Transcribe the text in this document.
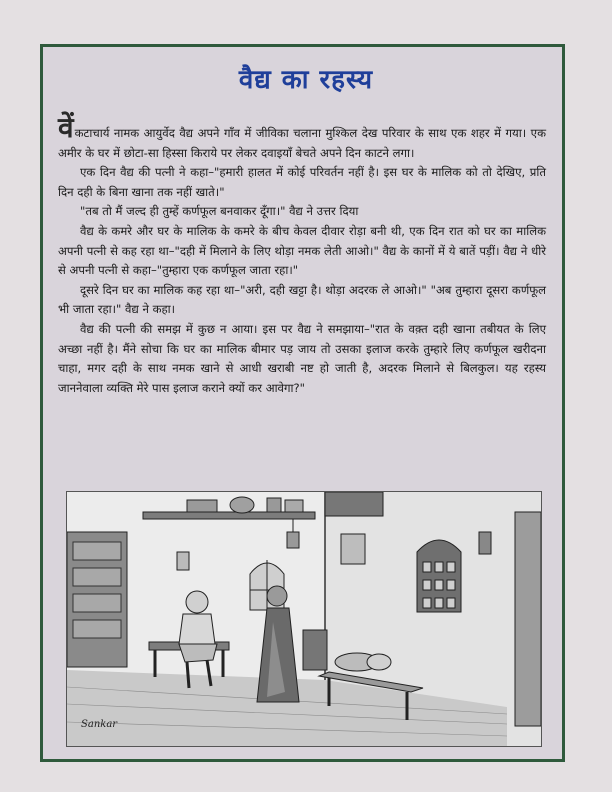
वैद्य का रहस्य

वेंकटाचार्य नामक आयुर्वेद वैद्य अपने गाँव में जीविका चलाना मुश्किल देख परिवार के साथ एक शहर में गया। एक अमीर के घर में छोटा-सा हिस्सा किराये पर लेकर दवाइयाँ बेचते अपने दिन काटने लगा।

एक दिन वैद्य की पत्नी ने कहा–"हमारी हालत में कोई परिवर्तन नहीं है। इस घर के मालिक को तो देखिए, प्रति दिन दही के बिना खाना तक नहीं खाते।"

"तब तो मैं जल्द ही तुम्हें कर्णफूल बनवाकर दूँगा।" वैद्य ने उत्तर दिया

वैद्य के कमरे और घर के मालिक के कमरे के बीच केवल दीवार रोड़ा बनी थी, एक दिन रात को घर का मालिक अपनी पत्नी से कह रहा था–"दही में मिलाने के लिए थोड़ा नमक लेती आओ।" वैद्य के कानों में ये बातें पड़ीं। वैद्य ने धीरे से अपनी पत्नी से कहा–"तुम्हारा एक कर्णफूल जाता रहा।"

दूसरे दिन घर का मालिक कह रहा था–"अरी, दही खट्टा है। थोड़ा अदरक ले आओ।" "अब तुम्हारा दूसरा कर्णफूल भी जाता रहा।" वैद्य ने कहा।

वैद्य की पत्नी की समझ में कुछ न आया। इस पर वैद्य ने समझाया–"रात के वक़्त दही खाना तबीयत के लिए अच्छा नहीं है। मैंने सोचा कि घर का मालिक बीमार पड़ जाय तो उसका इलाज करके तुम्हारे लिए कर्णफूल खरीदना चाहा, मगर दही के साथ नमक खाने से आधी खराबी नष्ट हो जाती है, अदरक मिलाने से बिलकुल। यह रहस्य जाननेवाला व्यक्ति मेरे पास इलाज कराने क्यों कर आवेगा?"

Sankar
